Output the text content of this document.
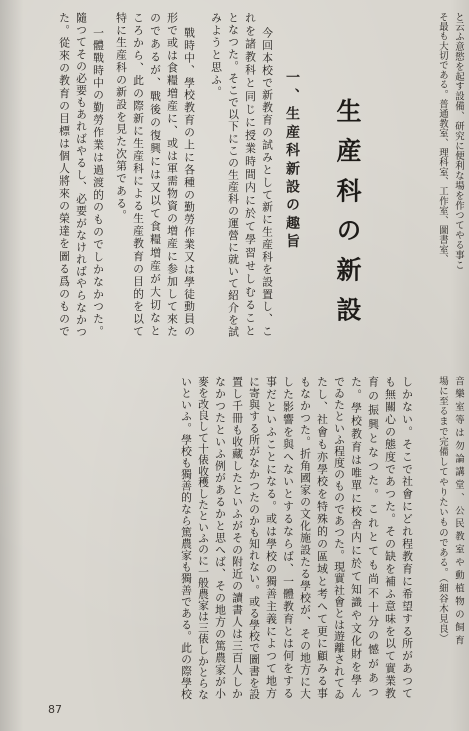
と云ふ意慾を起す設備、研究に便利な場を作つてやる事こ
そ最も大切である。普通教室、理科室、工作室、圖書室、
生産科の新設
一、生産科新設の趣旨
今回本校で新教育の試みとして新に生産科を設置し、こ
れを諸教科と同じに授業時間内に於て學習せしむること
となつた。そこで以下にこの生産科の運營に就いて紹介を試
みようと思ふ。
戰時中、學校教育の上に各種の勤勞作業又は學徒動員の
形で或は食糧増産に、或は軍需物資の増産に参加して來た
のであるが、戰後の復興には又以て食糧増産が大切なと
ころから、此の際新に生産科による生産教育の目的を以て
特に生産科の新設を見た次第である。
一體戰時中の勤勞作業は過渡的のものでしかなかつた。
隨つてその必要もあればやるし、必要がなければやらなかつ
た。從來の教育の目標は個人將來の榮達を圖る爲のもので
音樂室等は勿論講堂、公民教室や動植物の飼育
場に至るまで完備してやりたいものである。（細谷木見良）
しかない。そこで社會にどれ程教育に希望する所があつて
も無關心の態度であつた。その缺を補ふ意味を以て實業教
育の振興となつた。これとても尚不十分の憾があつ
た。學校教育は唯單に校舎内に於て知識や文化財を學ん
でゐたといふ程度のものであつた。現實社會とは遊離されてゐ
たし、社會も亦學校を特殊的の區域と考へて更に顧みる事
もなかつた。折角國家の文化施設たる學校が、その地方に大
した影響を與へないとするならば、一體教育とは何をする
事だといふことになる。或は學校の獨善主義によつて地方
に寄與する所がなかつたのかも知れない。或る學校で圖書を設
置し千冊も收藏したといふがその附近の讀書人は三百人しか
なかつたといふ例があるかと思へば、その地方の篤農家が小
麥を改良して十俵收穫したといふのに一般農家は三俵しかとらな
いといふ。學校も獨善的なら篤農家も獨善である。此の際學校
87
